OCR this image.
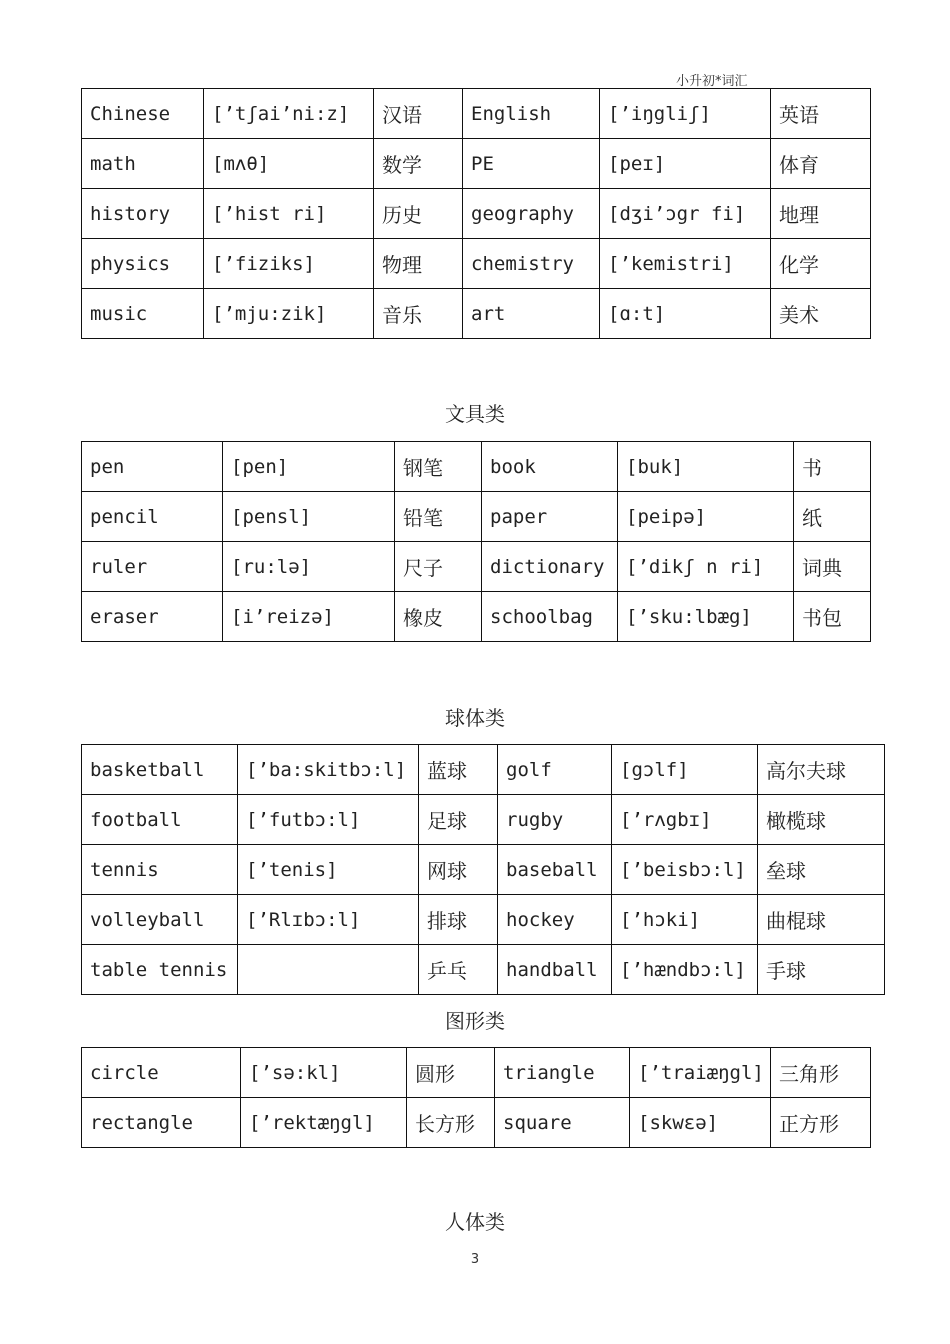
小升初*词汇
Chinese	[’tʃai’ni:z]	汉语	English	[’iŋgliʃ]	英语
math	[mʌθ]	数学	PE	[peɪ]	体育
history	[’hist ri]	历史	geography	[dʒi’ɔgr fi]	地理
physics	[’fiziks]	物理	chemistry	[’kemistri]	化学
music	[’mju:zik]	音乐	art	[ɑ:t]	美术
文具类
pen	[pen]	钢笔	book	[buk]	书
pencil	[pensl]	铅笔	paper	[peipə]	纸
ruler	[ru:lə]	尺子	dictionary	[’dikʃ n ri]	词典
eraser	[i’reizə]	橡皮	schoolbag	[’sku:lbæg]	书包
球体类
basketball	[’ba:skitbɔ:l]	蓝球	golf	[gɔlf]	高尔夫球
football	[’futbɔ:l]	足球	rugby	[’rʌgbɪ]	橄榄球
tennis	[’tenis]	网球	baseball	[’beisbɔ:l]	垒球
volleyball	[’Rlɪbɔ:l]	排球	hockey	[’hɔki]	曲棍球
table tennis		乒乓	handball	[’hændbɔ:l]	手球
图形类
circle	[’sə:kl]	圆形	triangle	[’traiæŋgl]	三角形
rectangle	[’rektæŋgl]	长方形	square	[skwɛə]	正方形
人体类
3
